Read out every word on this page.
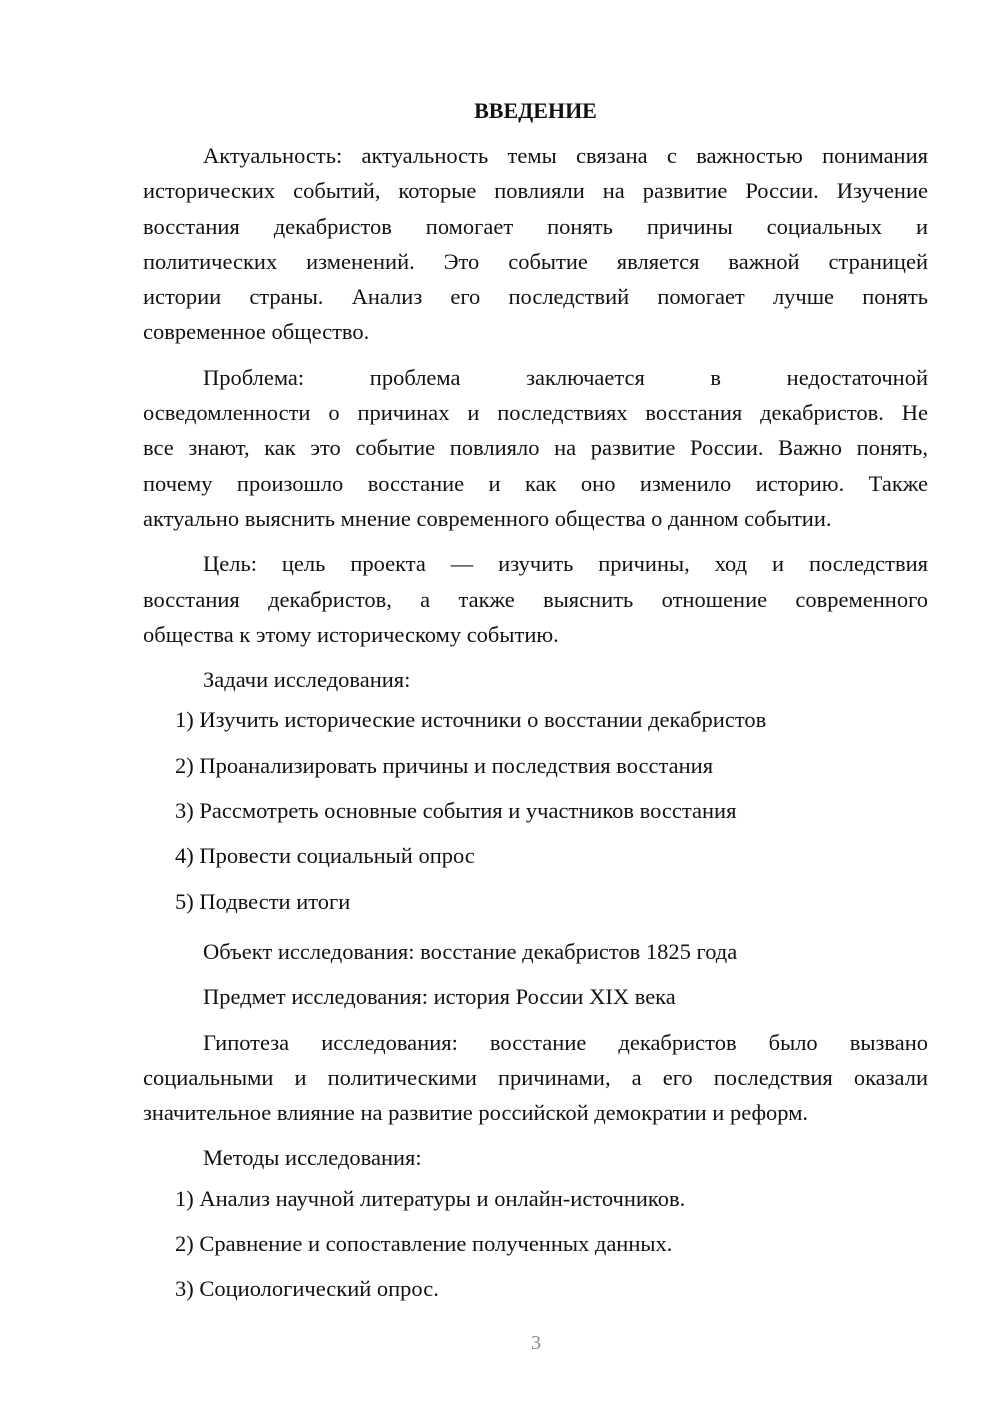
ВВЕДЕНИЕ
Актуальность: актуальность темы связана с важностью понимания
исторических событий, которые повлияли на развитие России. Изучение
восстания декабристов помогает понять причины социальных и
политических изменений. Это событие является важной страницей
истории страны. Анализ его последствий помогает лучше понять
современное общество.
Проблема: проблема заключается в недостаточной
осведомленности о причинах и последствиях восстания декабристов. Не
все знают, как это событие повлияло на развитие России. Важно понять,
почему произошло восстание и как оно изменило историю. Также
актуально выяснить мнение современного общества о данном событии.
Цель: цель проекта — изучить причины, ход и последствия
восстания декабристов, а также выяснить отношение современного
общества к этому историческому событию.
Задачи исследования:
1) Изучить исторические источники о восстании декабристов
2) Проанализировать причины и последствия восстания
3) Рассмотреть основные события и участников восстания
4) Провести социальный опрос
5) Подвести итоги
Объект исследования: восстание декабристов 1825 года
Предмет исследования: история России XIX века
Гипотеза исследования: восстание декабристов было вызвано
социальными и политическими причинами, а его последствия оказали
значительное влияние на развитие российской демократии и реформ.
Методы исследования:
1) Анализ научной литературы и онлайн-источников.
2) Сравнение и сопоставление полученных данных.
3) Социологический опрос.
3
